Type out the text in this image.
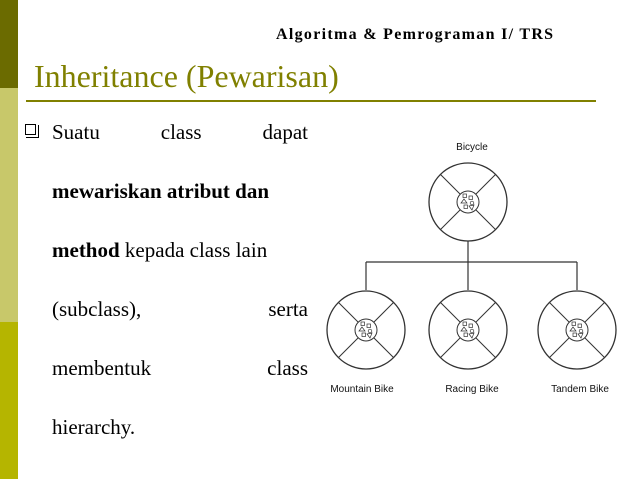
Algoritma & Pemrograman I/ TRS
Inheritance (Pewarisan)
Suatu	class	dapat
mewariskan atribut dan
method kepada class lain
(subclass),	serta
membentuk	class
hierarchy.
Bicycle
Mountain Bike	Racing Bike	Tandem Bike
